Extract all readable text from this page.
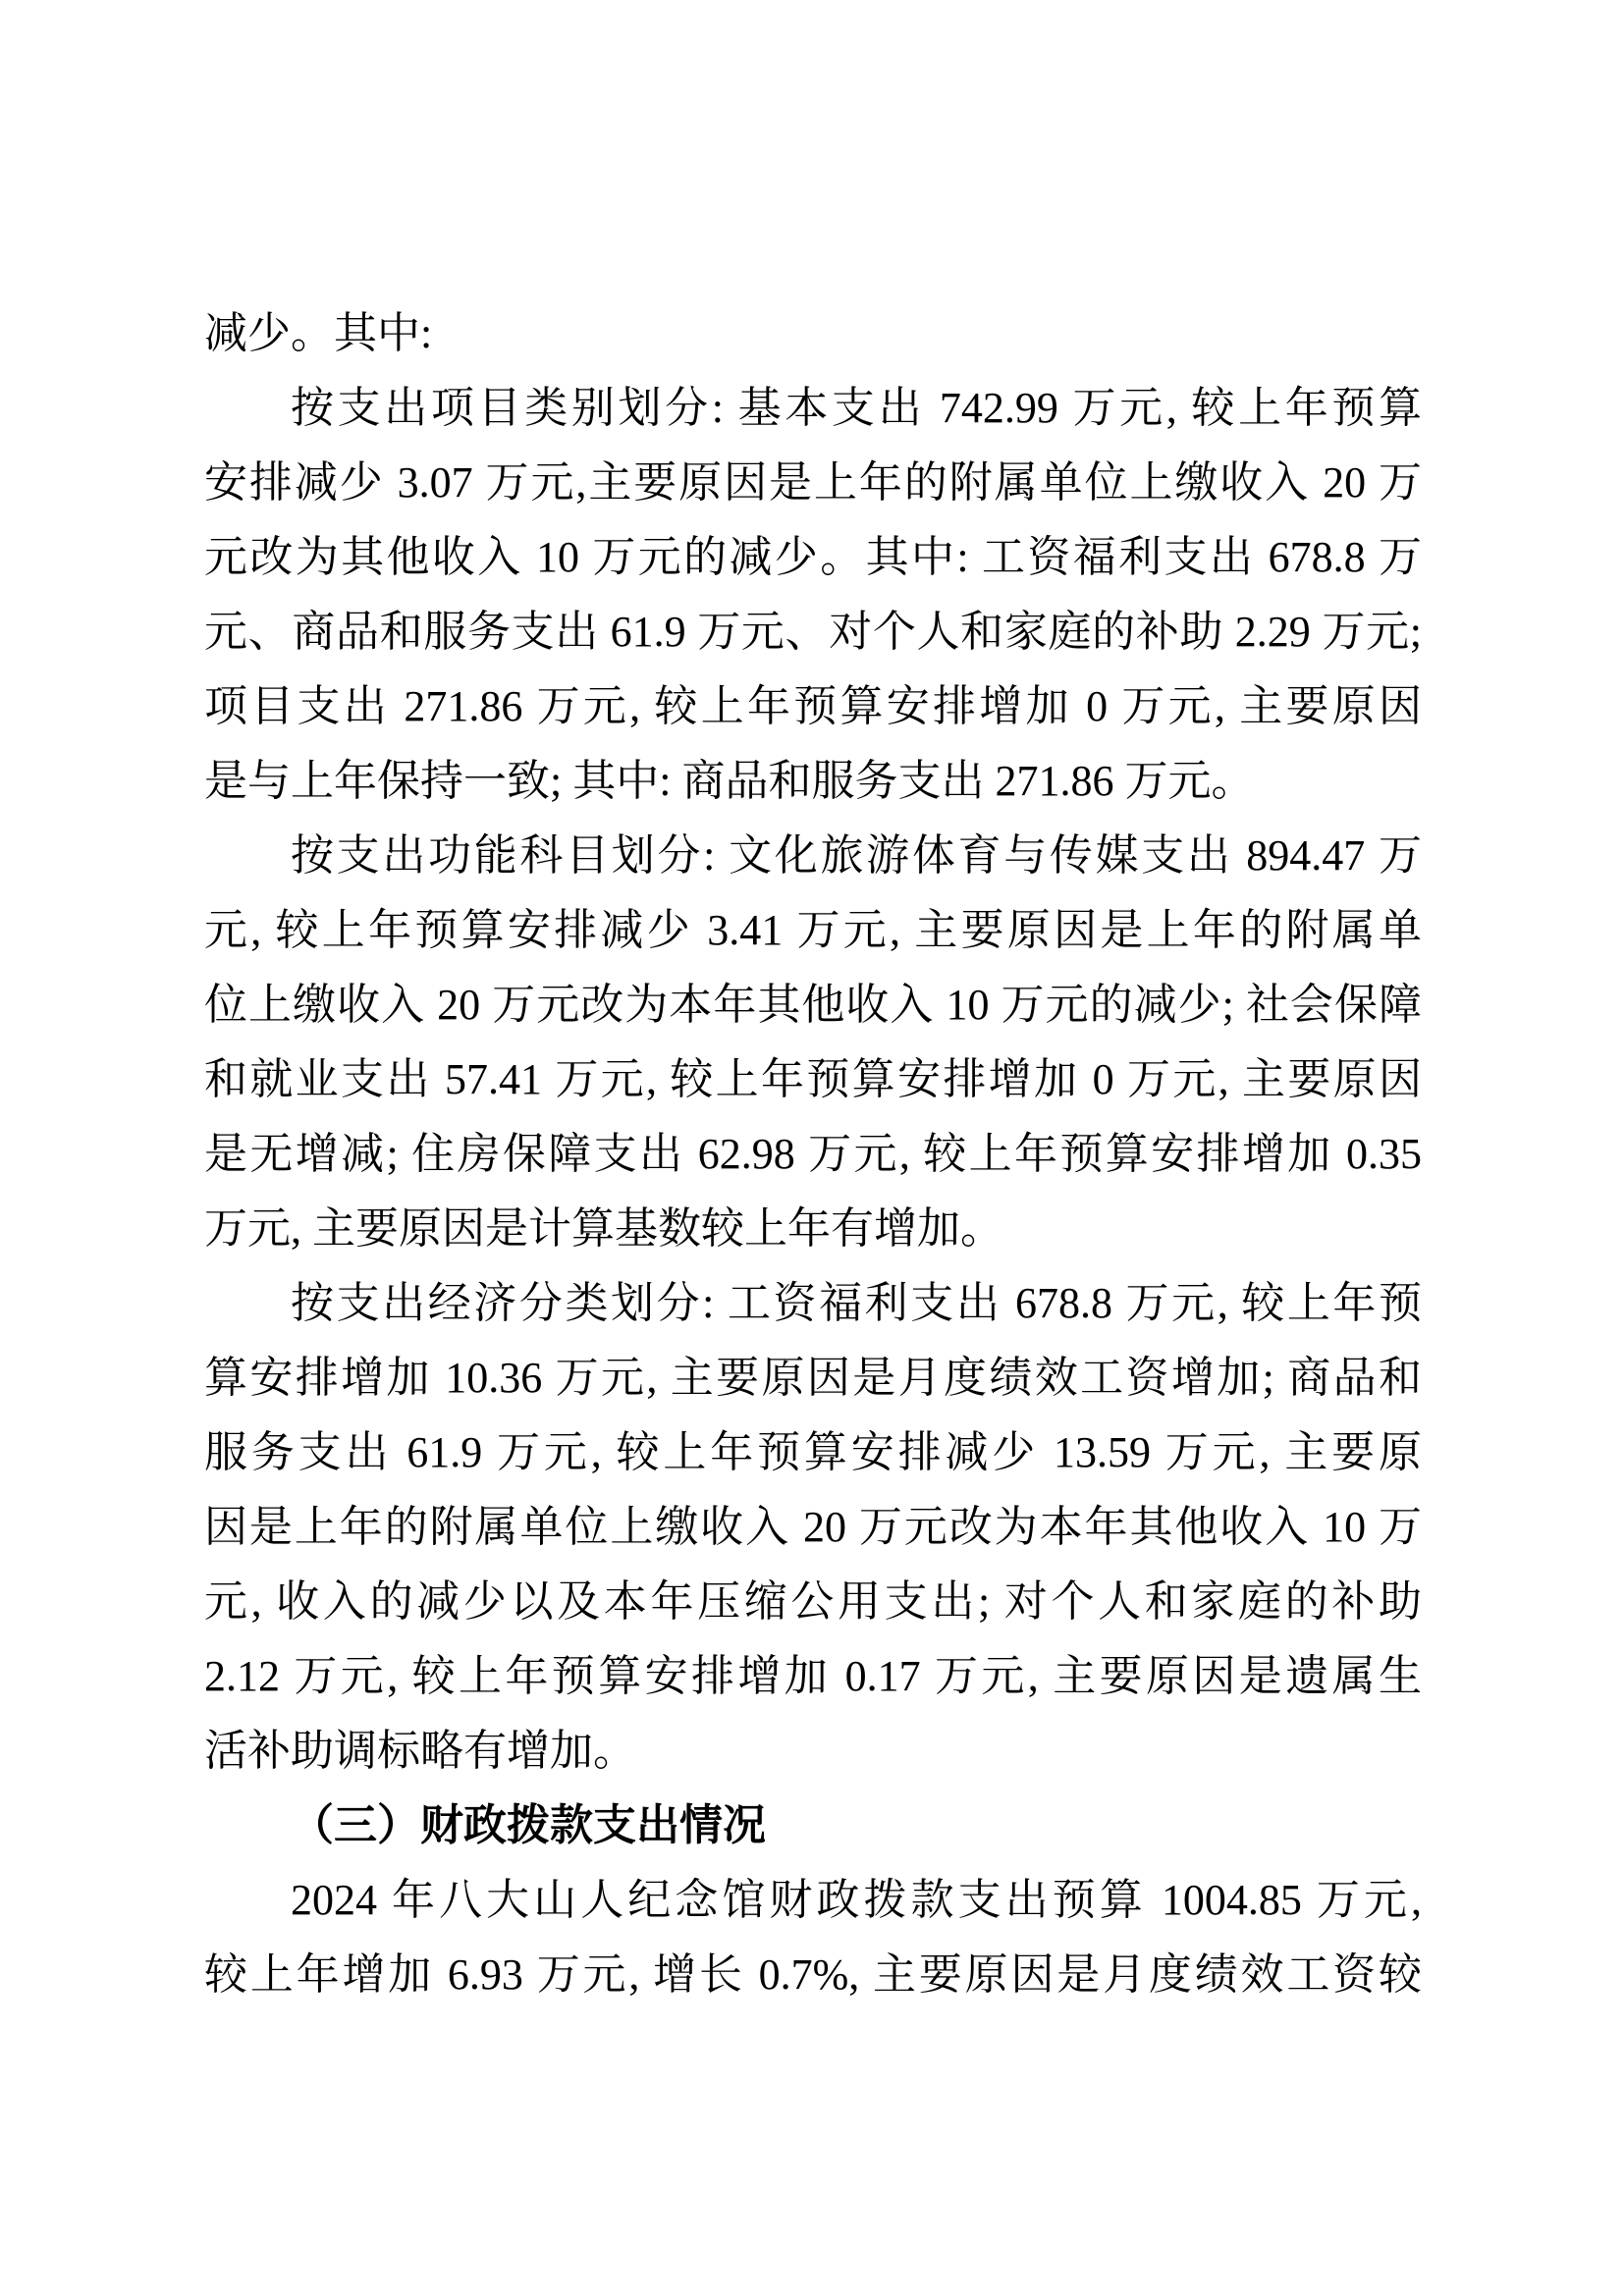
减少。其中:
按支出项目类别划分: 基本支出 742.99 万元, 较上年预算
安排减少 3.07 万元,主要原因是上年的附属单位上缴收入 20 万
元改为其他收入 10 万元的减少。其中: 工资福利支出 678.8 万
元、商品和服务支出 61.9 万元、对个人和家庭的补助 2.29 万元;
项目支出 271.86 万元, 较上年预算安排增加 0 万元, 主要原因
是与上年保持一致; 其中: 商品和服务支出 271.86 万元。
按支出功能科目划分: 文化旅游体育与传媒支出 894.47 万
元, 较上年预算安排减少 3.41 万元, 主要原因是上年的附属单
位上缴收入 20 万元改为本年其他收入 10 万元的减少; 社会保障
和就业支出 57.41 万元, 较上年预算安排增加 0 万元, 主要原因
是无增减; 住房保障支出 62.98 万元, 较上年预算安排增加 0.35
万元, 主要原因是计算基数较上年有增加。
按支出经济分类划分: 工资福利支出 678.8 万元, 较上年预
算安排增加 10.36 万元, 主要原因是月度绩效工资增加; 商品和
服务支出 61.9 万元, 较上年预算安排减少 13.59 万元, 主要原
因是上年的附属单位上缴收入 20 万元改为本年其他收入 10 万
元, 收入的减少以及本年压缩公用支出; 对个人和家庭的补助
2.12 万元, 较上年预算安排增加 0.17 万元, 主要原因是遗属生
活补助调标略有增加。
（三）财政拨款支出情况
2024 年八大山人纪念馆财政拨款支出预算 1004.85 万元,
较上年增加 6.93 万元, 增长 0.7%, 主要原因是月度绩效工资较
